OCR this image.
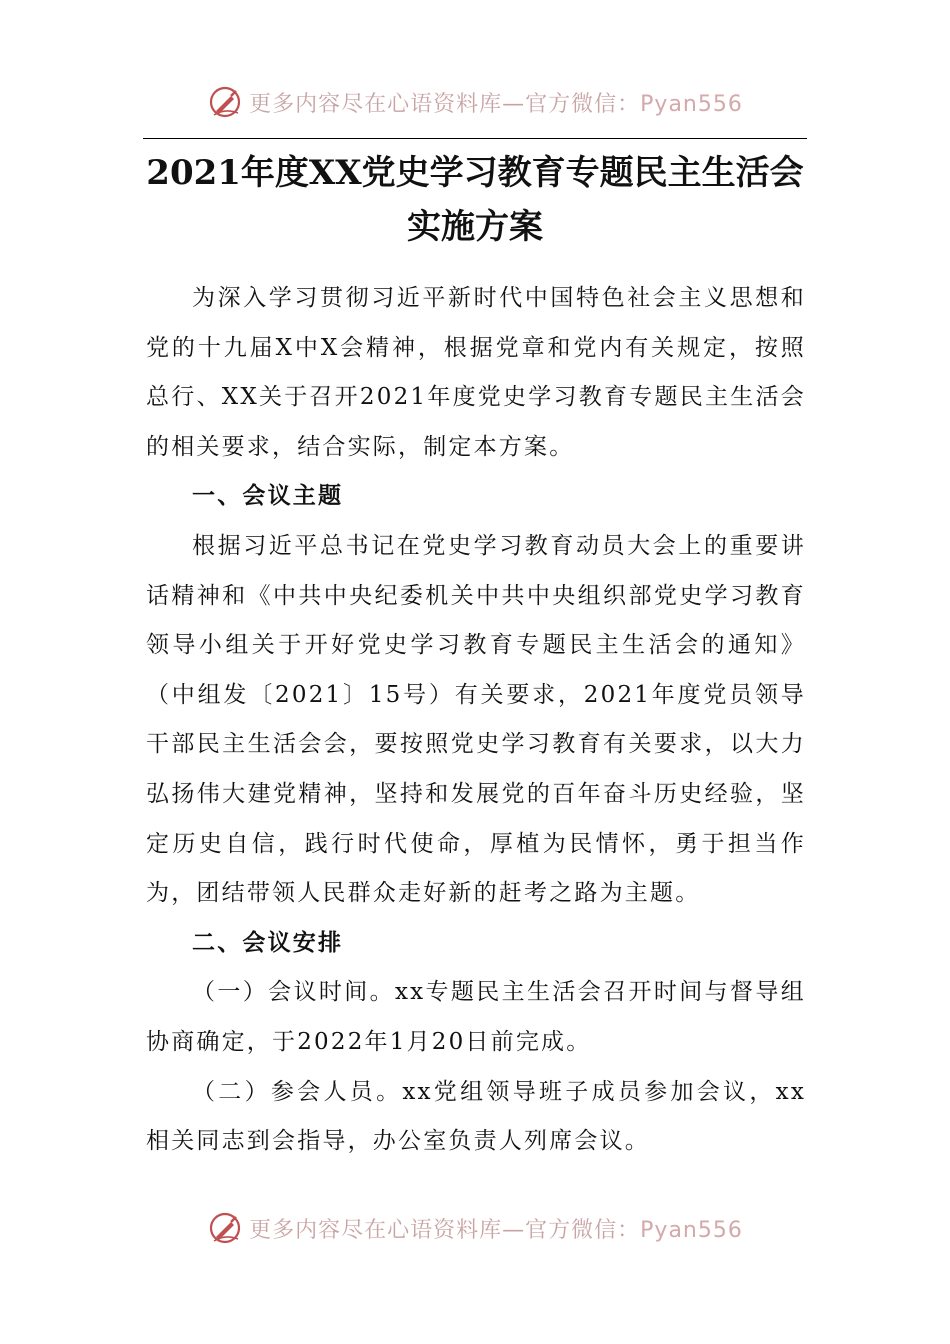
更多内容尽在心语资料库—官方微信：Pyan556
2021年度XX党史学习教育专题民主生活会实施方案

为深入学习贯彻习近平新时代中国特色社会主义思想和党的十九届X中X会精神，根据党章和党内有关规定，按照总行、XX关于召开2021年度党史学习教育专题民主生活会的相关要求，结合实际，制定本方案。

一、会议主题

根据习近平总书记在党史学习教育动员大会上的重要讲话精神和《中共中央纪委机关中共中央组织部党史学习教育领导小组关于开好党史学习教育专题民主生活会的通知》（中组发〔2021〕15号）有关要求，2021年度党员领导干部民主生活会会，要按照党史学习教育有关要求，以大力弘扬伟大建党精神，坚持和发展党的百年奋斗历史经验，坚定历史自信，践行时代使命，厚植为民情怀，勇于担当作为，团结带领人民群众走好新的赶考之路为主题。

二、会议安排

（一）会议时间。xx专题民主生活会召开时间与督导组协商确定，于2022年1月20日前完成。

（二）参会人员。xx党组领导班子成员参加会议，xx相关同志到会指导，办公室负责人列席会议。

更多内容尽在心语资料库—官方微信：Pyan556
